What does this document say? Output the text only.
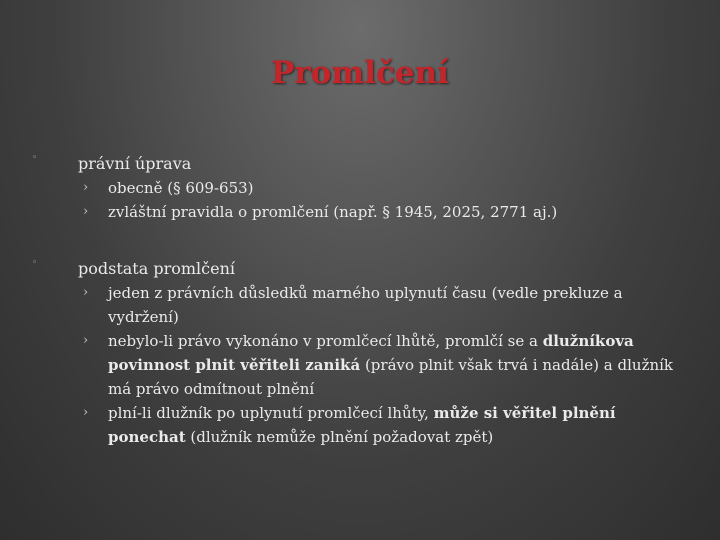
Promlčení
◦	právní úprava
› obecně (§ 609-653)
› zvláštní pravidla o promlčení (např. § 1945, 2025, 2771 aj.)
◦	podstata promlčení
› jeden z právních důsledků marného uplynutí času (vedle prekluze a vydržení)
› nebylo-li právo vykonáno v promlčecí lhůtě, promlčí se a dlužníkova povinnost plnit věřiteli zaniká (právo plnit však trvá i nadále) a dlužník má právo odmítnout plnění
› plní-li dlužník po uplynutí promlčecí lhůty, může si věřitel plnění ponechat (dlužník nemůže plnění požadovat zpět)
